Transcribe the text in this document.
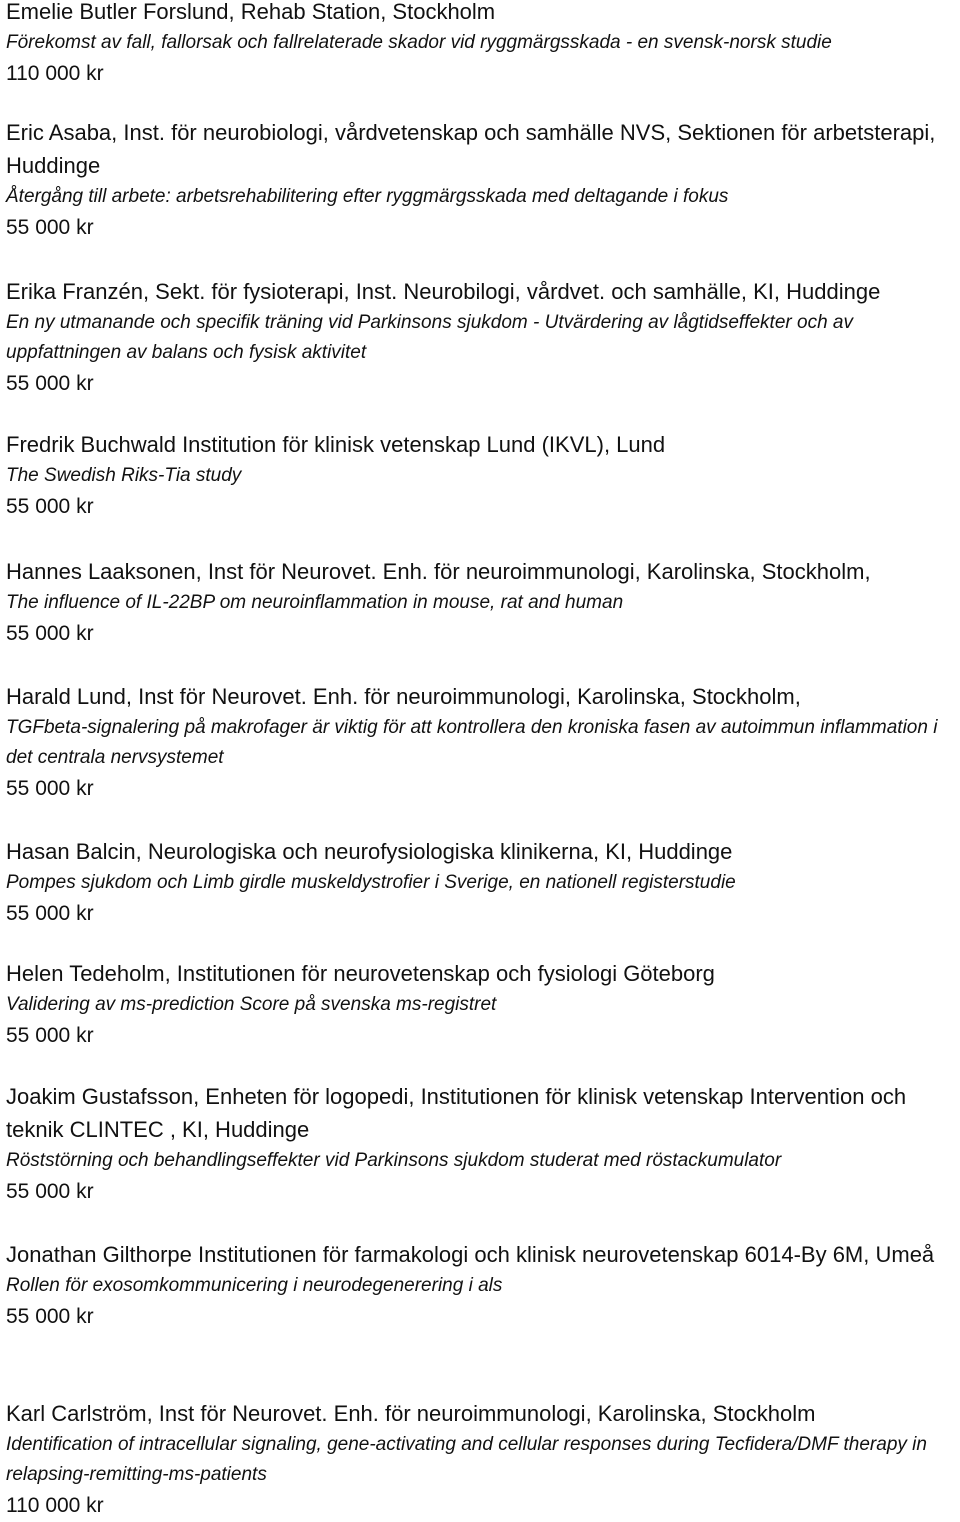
Emelie Butler Forslund, Rehab Station, Stockholm

Förekomst av fall, fallorsak och fallrelaterade skador vid ryggmärgsskada - en svensk-norsk studie

110 000 kr

Eric Asaba, Inst. för neurobiologi, vårdvetenskap och samhälle NVS, Sektionen för arbetsterapi, Huddinge

Återgång till arbete: arbetsrehabilitering efter ryggmärgsskada med deltagande i fokus

55 000 kr

Erika Franzén, Sekt. för fysioterapi, Inst. Neurobilogi, vårdvet. och samhälle, KI, Huddinge

En ny utmanande och specifik träning vid Parkinsons sjukdom - Utvärdering av lågtidseffekter och av uppfattningen av balans och fysisk aktivitet

55 000 kr

Fredrik Buchwald Institution för klinisk vetenskap Lund (IKVL), Lund

The Swedish Riks-Tia study

55 000 kr

Hannes Laaksonen, Inst för Neurovet. Enh. för neuroimmunologi, Karolinska, Stockholm,

The influence of IL-22BP om neuroinflammation in mouse, rat and human

55 000 kr

Harald Lund, Inst för Neurovet. Enh. för neuroimmunologi, Karolinska, Stockholm,

TGFbeta-signalering på makrofager är viktig för att kontrollera den kroniska fasen av autoimmun inflammation i det centrala nervsystemet

55 000 kr

Hasan Balcin, Neurologiska och neurofysiologiska klinikerna, KI, Huddinge

Pompes sjukdom och Limb girdle muskeldystrofier i Sverige, en nationell registerstudie

55 000 kr

Helen Tedeholm, Institutionen för neurovetenskap och fysiologi Göteborg

Validering av ms-prediction Score på svenska ms-registret

55 000 kr

Joakim Gustafsson, Enheten för logopedi, Institutionen för klinisk vetenskap Intervention och teknik CLINTEC , KI, Huddinge

Röststörning och behandlingseffekter vid Parkinsons sjukdom studerat med röstackumulator

55 000 kr

Jonathan Gilthorpe Institutionen för farmakologi och klinisk neurovetenskap 6014-By 6M, Umeå

Rollen för exosomkommunicering i neurodegenerering i als

55 000 kr

Karl Carlström, Inst för Neurovet. Enh. för neuroimmunologi, Karolinska, Stockholm

Identification of intracellular signaling, gene-activating and cellular responses during Tecfidera/DMF therapy in relapsing-remitting-ms-patients

110 000 kr
